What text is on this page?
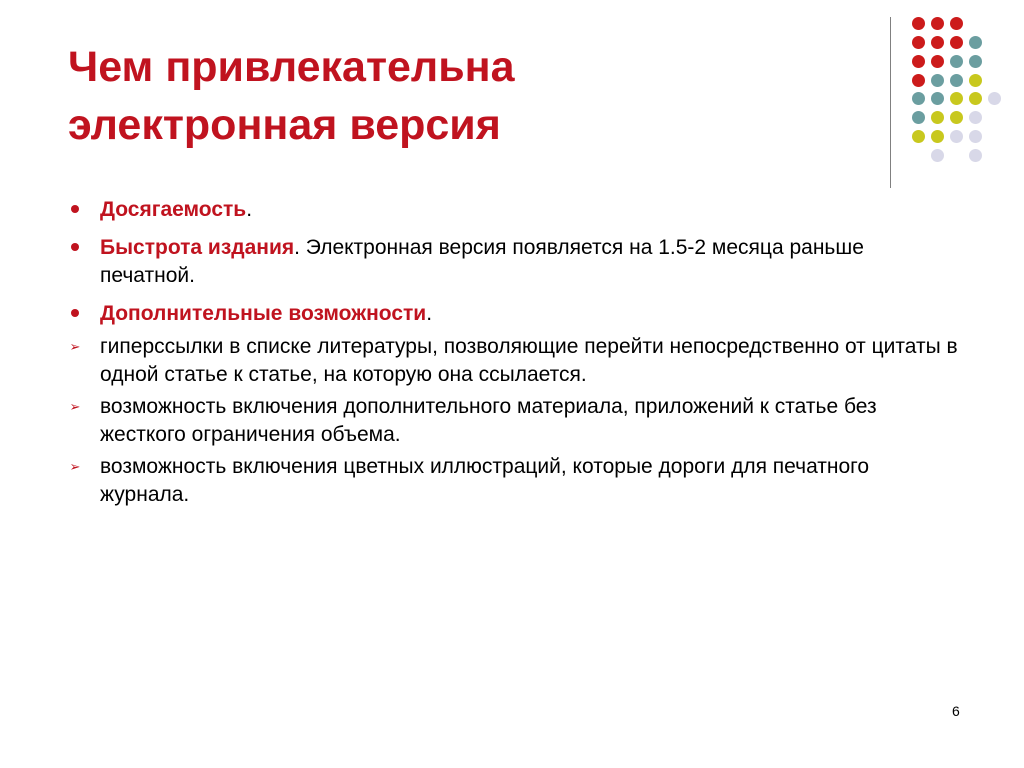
Чем привлекательна
электронная версия
Досягаемость.
Быстрота издания. Электронная версия появляется на 1.5-2 месяца раньше печатной.
Дополнительные возможности.
➢ гиперссылки в списке литературы, позволяющие перейти непосредственно от цитаты в одной статье к статье, на которую она ссылается.
➢ возможность включения дополнительного материала, приложений к статье без жесткого ограничения объема.
➢ возможность включения цветных иллюстраций, которые дороги для печатного журнала.
6
